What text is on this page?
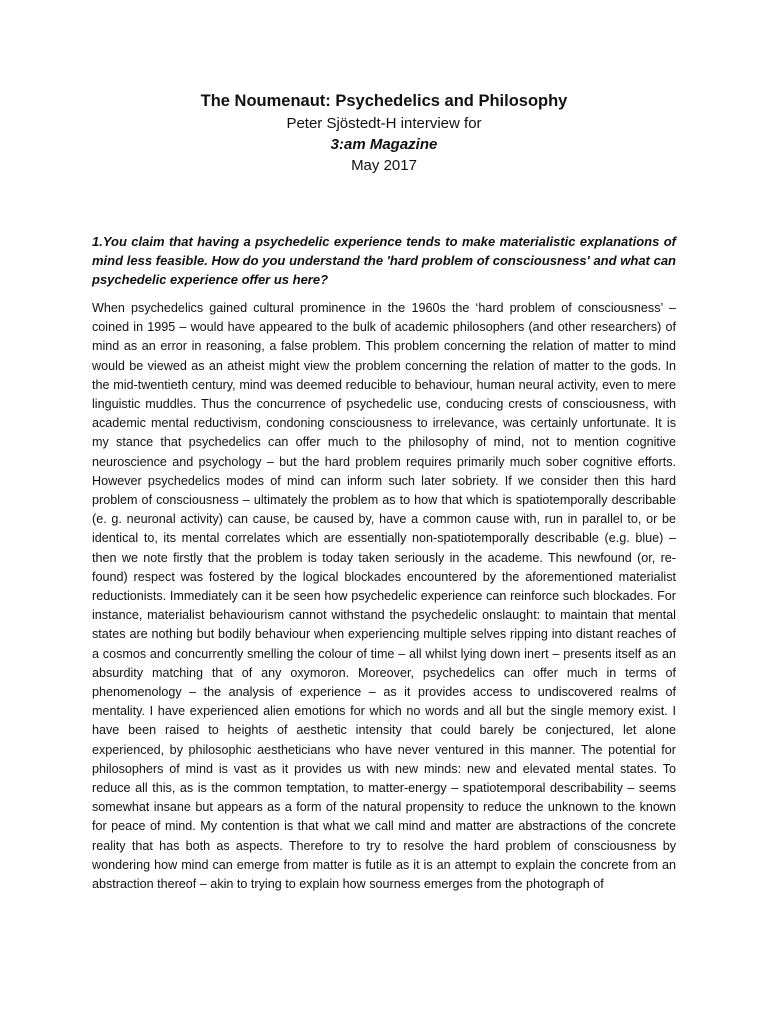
The Noumenaut: Psychedelics and Philosophy

Peter Sjöstedt-H interview for

3:am Magazine

May 2017

1.You claim that having a psychedelic experience tends to make materialistic explanations of mind less feasible. How do you understand the 'hard problem of consciousness' and what can psychedelic experience offer us here?

When psychedelics gained cultural prominence in the 1960s the ‘hard problem of consciousness’ – coined in 1995 – would have appeared to the bulk of academic philosophers (and other researchers) of mind as an error in reasoning, a false problem. This problem concerning the relation of matter to mind would be viewed as an atheist might view the problem concerning the relation of matter to the gods. In the mid-twentieth century, mind was deemed reducible to behaviour, human neural activity, even to mere linguistic muddles. Thus the concurrence of psychedelic use, conducing crests of consciousness, with academic mental reductivism, condoning consciousness to irrelevance, was certainly unfortunate. It is my stance that psychedelics can offer much to the philosophy of mind, not to mention cognitive neuroscience and psychology – but the hard problem requires primarily much sober cognitive efforts. However psychedelics modes of mind can inform such later sobriety. If we consider then this hard problem of consciousness – ultimately the problem as to how that which is spatiotemporally describable (e. g. neuronal activity) can cause, be caused by, have a common cause with, run in parallel to, or be identical to, its mental correlates which are essentially non-spatiotemporally describable (e.g. blue) – then we note firstly that the problem is today taken seriously in the academe. This newfound (or, re-found) respect was fostered by the logical blockades encountered by the aforementioned materialist reductionists. Immediately can it be seen how psychedelic experience can reinforce such blockades. For instance, materialist behaviourism cannot withstand the psychedelic onslaught: to maintain that mental states are nothing but bodily behaviour when experiencing multiple selves ripping into distant reaches of a cosmos and concurrently smelling the colour of time – all whilst lying down inert – presents itself as an absurdity matching that of any oxymoron. Moreover, psychedelics can offer much in terms of phenomenology – the analysis of experience – as it provides access to undiscovered realms of mentality. I have experienced alien emotions for which no words and all but the single memory exist. I have been raised to heights of aesthetic intensity that could barely be conjectured, let alone experienced, by philosophic aestheticians who have never ventured in this manner. The potential for philosophers of mind is vast as it provides us with new minds: new and elevated mental states. To reduce all this, as is the common temptation, to matter-energy – spatiotemporal describability – seems somewhat insane but appears as a form of the natural propensity to reduce the unknown to the known for peace of mind. My contention is that what we call mind and matter are abstractions of the concrete reality that has both as aspects. Therefore to try to resolve the hard problem of consciousness by wondering how mind can emerge from matter is futile as it is an attempt to explain the concrete from an abstraction thereof – akin to trying to explain how sourness emerges from the photograph of
